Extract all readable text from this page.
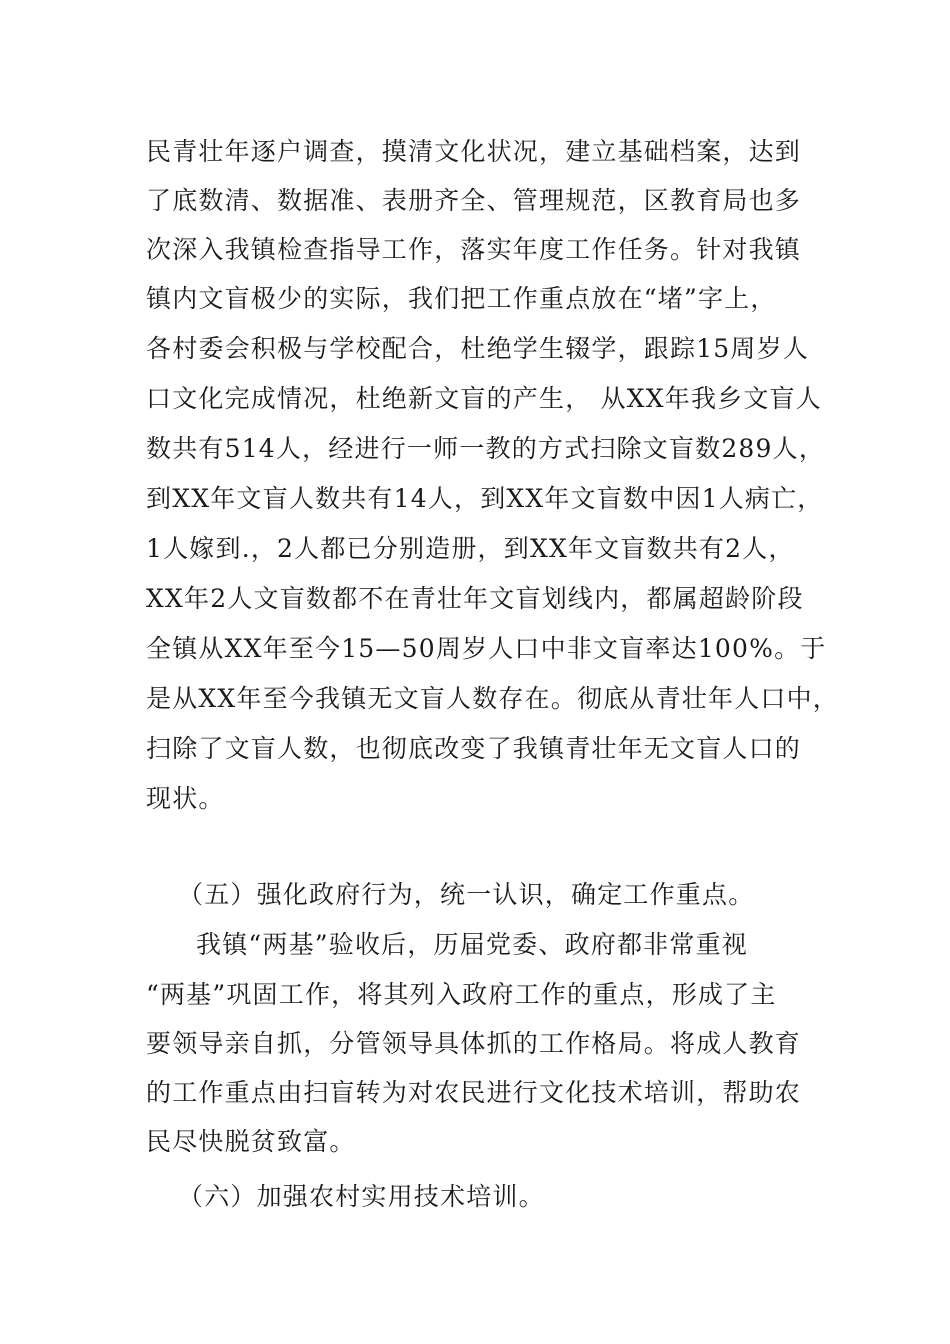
民青壮年逐户调查，摸清文化状况，建立基础档案，达到
了底数清、数据准、表册齐全、管理规范，区教育局也多
次深入我镇检查指导工作，落实年度工作任务。针对我镇
镇内文盲极少的实际，我们把工作重点放在“堵”字上，
各村委会积极与学校配合，杜绝学生辍学，跟踪15周岁人
口文化完成情况，杜绝新文盲的产生， 从XX年我乡文盲人
数共有514人，经进行一师一教的方式扫除文盲数289人，
到XX年文盲人数共有14人，到XX年文盲数中因1人病亡，
1人嫁到.，2人都已分别造册，到XX年文盲数共有2人，
XX年2人文盲数都不在青壮年文盲划线内，都属超龄阶段
全镇从XX年至今15—50周岁人口中非文盲率达100%。于
是从XX年至今我镇无文盲人数存在。彻底从青壮年人口中，
扫除了文盲人数，也彻底改变了我镇青壮年无文盲人口的
现状。
（五）强化政府行为，统一认识，确定工作重点。
我镇“两基”验收后，历届党委、政府都非常重视
“两基”巩固工作，将其列入政府工作的重点，形成了主
要领导亲自抓，分管领导具体抓的工作格局。将成人教育
的工作重点由扫盲转为对农民进行文化技术培训，帮助农
民尽快脱贫致富。
（六）加强农村实用技术培训。
